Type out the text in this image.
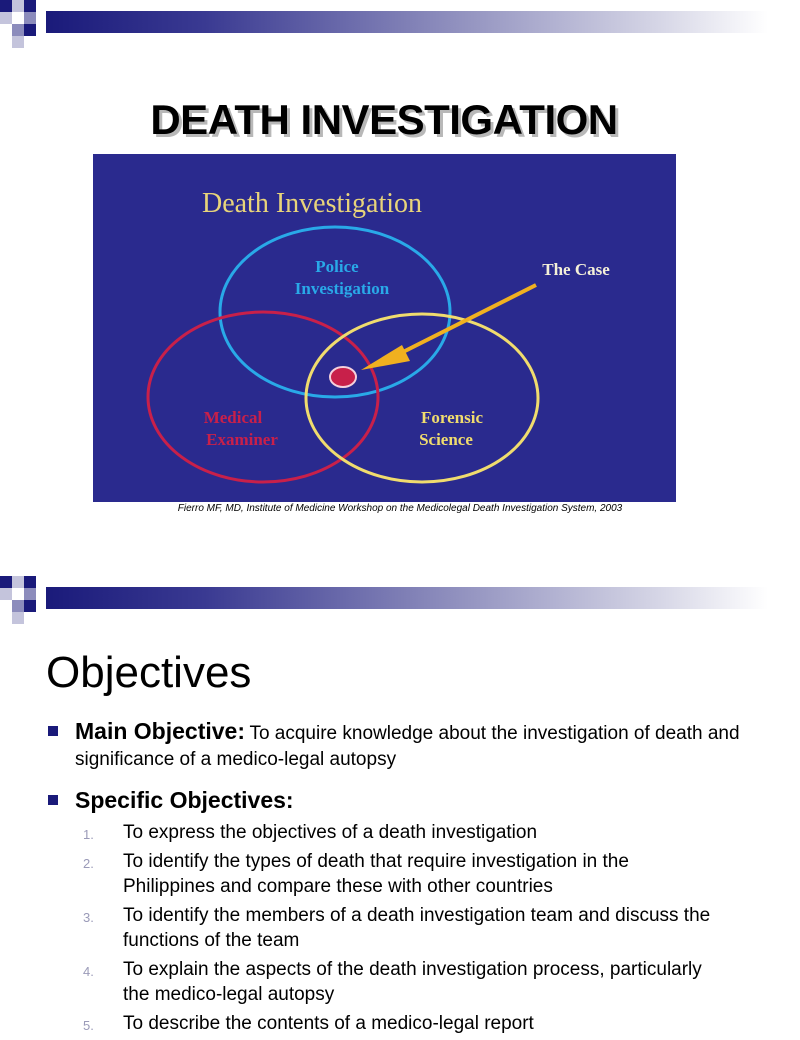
DEATH INVESTIGATION
Death Investigation
Police
Investigation
Medical
Examiner
Forensic
Science
The Case
Fierro MF, MD, Institute of Medicine Workshop on the Medicolegal Death Investigation System, 2003
Objectives
Main Objective: To acquire knowledge about the investigation of death and significance of a medico-legal autopsy
Specific Objectives:
1. To express the objectives of a death investigation
2. To identify the types of death that require investigation in the Philippines and compare these with other countries
3. To identify the members of a death investigation team and discuss the functions of the team
4. To explain the aspects of the death investigation process, particularly the medico-legal autopsy
5. To describe the contents of a medico-legal report
